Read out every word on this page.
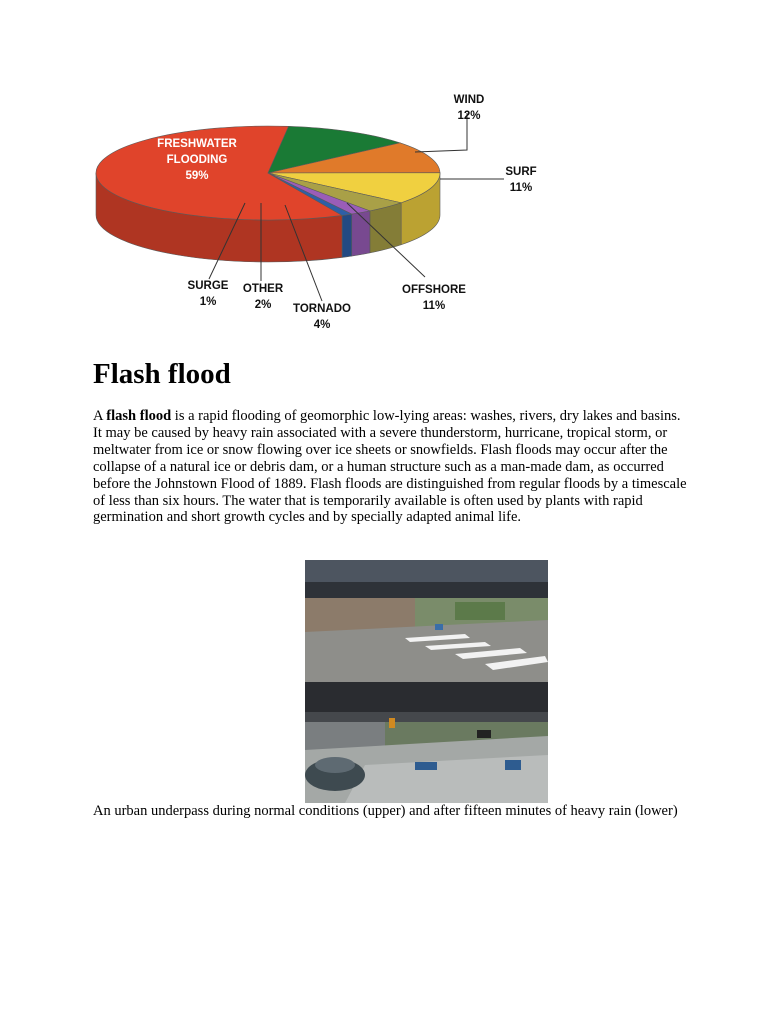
FRESHWATER
FLOODING
59%
WIND
12%
SURF
11%
OFFSHORE
11%
TORNADO
4%
OTHER
2%
SURGE
1%
Flash flood

A flash flood is a rapid flooding of geomorphic low-lying areas: washes, rivers, dry lakes and basins. It may be caused by heavy rain associated with a severe thunderstorm, hurricane, tropical storm, or meltwater from ice or snow flowing over ice sheets or snowfields. Flash floods may occur after the collapse of a natural ice or debris dam, or a human structure such as a man-made dam, as occurred before the Johnstown Flood of 1889. Flash floods are distinguished from regular floods by a timescale of less than six hours. The water that is temporarily available is often used by plants with rapid germination and short growth cycles and by specially adapted animal life.

An urban underpass during normal conditions (upper) and after fifteen minutes of heavy rain (lower)
